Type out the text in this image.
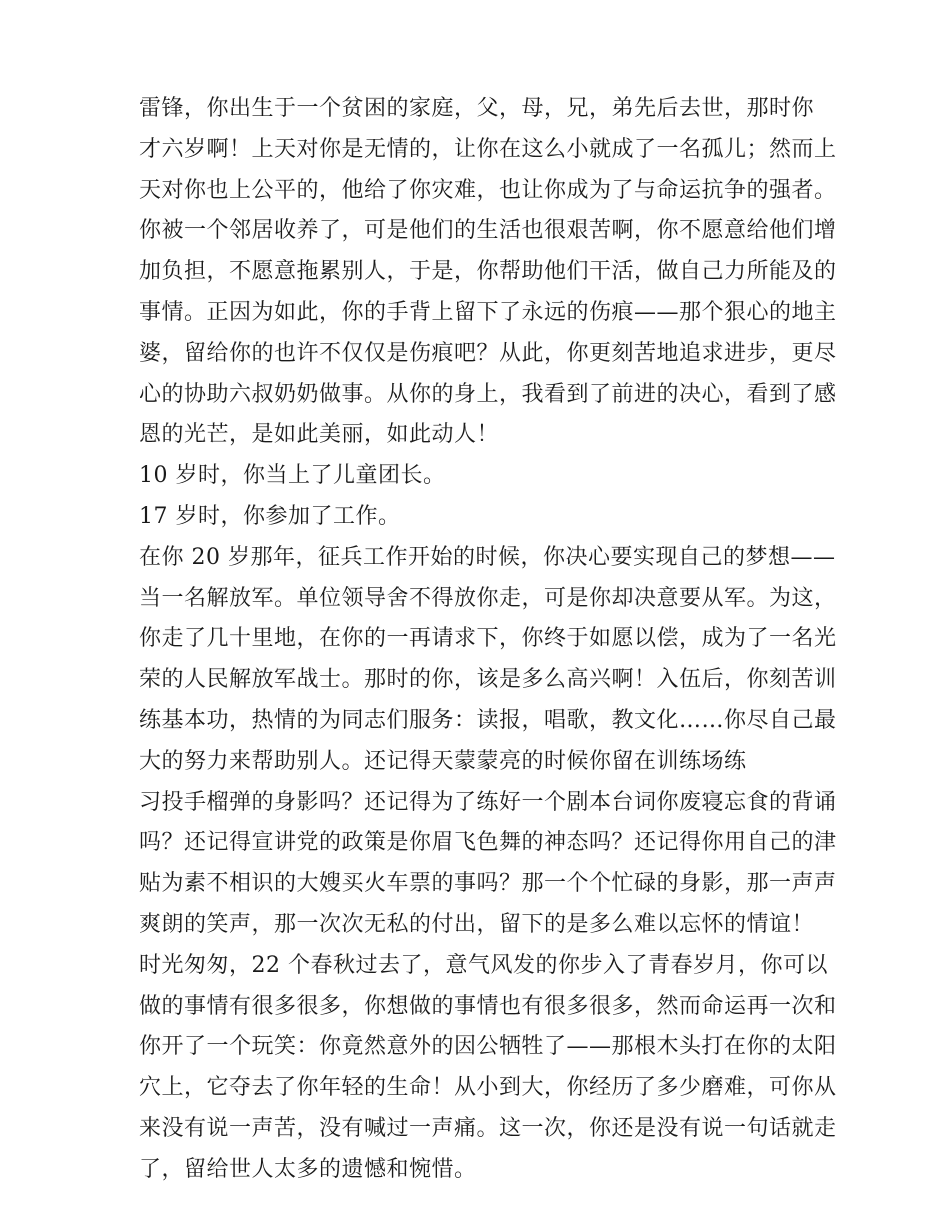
雷锋，你出生于一个贫困的家庭，父，母，兄，弟先后去世，那时你
才六岁啊！上天对你是无情的，让你在这么小就成了一名孤儿；然而上
天对你也上公平的，他给了你灾难，也让你成为了与命运抗争的强者。
你被一个邻居收养了，可是他们的生活也很艰苦啊，你不愿意给他们增
加负担，不愿意拖累别人，于是，你帮助他们干活，做自己力所能及的
事情。正因为如此，你的手背上留下了永远的伤痕——那个狠心的地主
婆，留给你的也许不仅仅是伤痕吧？从此，你更刻苦地追求进步，更尽
心的协助六叔奶奶做事。从你的身上，我看到了前进的决心，看到了感
恩的光芒，是如此美丽，如此动人！
10 岁时，你当上了儿童团长。
17 岁时，你参加了工作。
在你 20 岁那年，征兵工作开始的时候，你决心要实现自己的梦想——
当一名解放军。单位领导舍不得放你走，可是你却决意要从军。为这，
你走了几十里地，在你的一再请求下，你终于如愿以偿，成为了一名光
荣的人民解放军战士。那时的你，该是多么高兴啊！入伍后，你刻苦训
练基本功，热情的为同志们服务：读报，唱歌，教文化……你尽自己最
大的努力来帮助别人。还记得天蒙蒙亮的时候你留在训练场练
习投手榴弹的身影吗？还记得为了练好一个剧本台词你废寝忘食的背诵
吗？还记得宣讲党的政策是你眉飞色舞的神态吗？还记得你用自己的津
贴为素不相识的大嫂买火车票的事吗？那一个个忙碌的身影，那一声声
爽朗的笑声，那一次次无私的付出，留下的是多么难以忘怀的情谊！
时光匆匆，22 个春秋过去了，意气风发的你步入了青春岁月，你可以
做的事情有很多很多，你想做的事情也有很多很多，然而命运再一次和
你开了一个玩笑：你竟然意外的因公牺牲了——那根木头打在你的太阳
穴上，它夺去了你年轻的生命！从小到大，你经历了多少磨难，可你从
来没有说一声苦，没有喊过一声痛。这一次，你还是没有说一句话就走
了，留给世人太多的遗憾和惋惜。
